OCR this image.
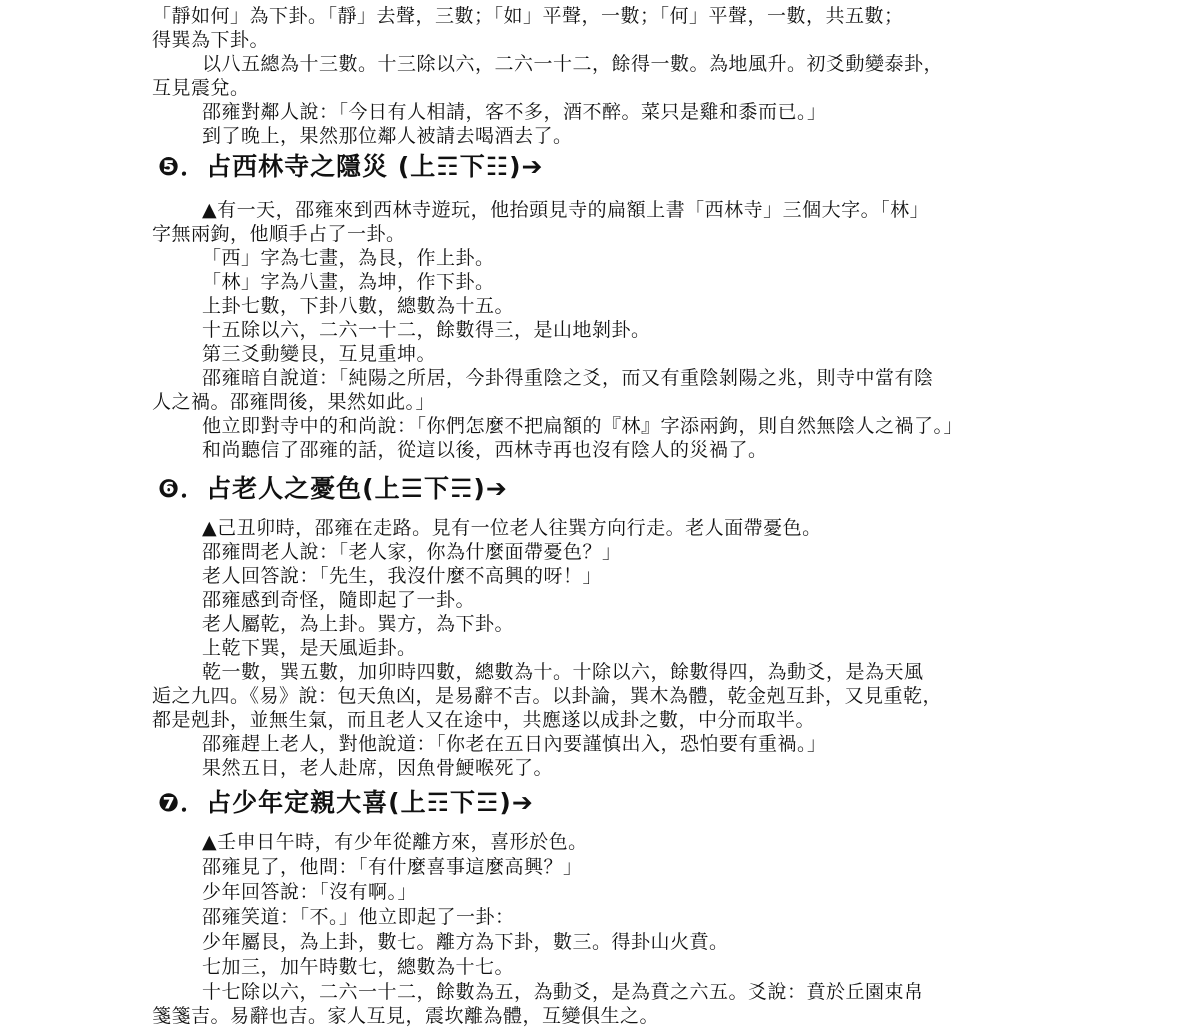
「靜如何」為下卦。「靜」去聲，三數；「如」平聲，一數；「何」平聲，一數，共五數；
得巽為下卦。
以八五總為十三數。十三除以六，二六一十二，餘得一數。為地風升。初爻動變泰卦，
互見震兌。
邵雍對鄰人說：「今日有人相請，客不多，酒不醉。菜只是雞和黍而已。」
到了晚上，果然那位鄰人被請去喝酒去了。
❺．占西林寺之隱災 (上☶下☷)➔
▲有一天，邵雍來到西林寺遊玩，他抬頭見寺的扁額上書「西林寺」三個大字。「林」
字無兩鉤，他順手占了一卦。
「西」字為七畫，為艮，作上卦。
「林」字為八畫，為坤，作下卦。
上卦七數，下卦八數，總數為十五。
十五除以六，二六一十二，餘數得三，是山地剝卦。
第三爻動變艮，互見重坤。
邵雍暗自說道：「純陽之所居，今卦得重陰之爻，而又有重陰剝陽之兆，則寺中當有陰
人之禍。邵雍問後，果然如此。」
他立即對寺中的和尚說：「你們怎麼不把扁額的『林』字添兩鉤，則自然無陰人之禍了。」
和尚聽信了邵雍的話，從這以後，西林寺再也沒有陰人的災禍了。
❻．占老人之憂色(上☰下☴)➔
▲己丑卯時，邵雍在走路。見有一位老人往巽方向行走。老人面帶憂色。
邵雍問老人說：「老人家，你為什麼面帶憂色？」
老人回答說：「先生，我沒什麼不高興的呀！」
邵雍感到奇怪，隨即起了一卦。
老人屬乾，為上卦。巽方，為下卦。
上乾下巽，是天風逅卦。
乾一數，巽五數，加卯時四數，總數為十。十除以六，餘數得四，為動爻，是為天風
逅之九四。《易》說：包天魚凶，是易辭不吉。以卦論，巽木為體，乾金剋互卦，又見重乾，
都是剋卦，並無生氣，而且老人又在途中，共應遂以成卦之數，中分而取半。
邵雍趕上老人，對他說道：「你老在五日內要謹慎出入，恐怕要有重禍。」
果然五日，老人赴席，因魚骨鯁喉死了。
❼．占少年定親大喜(上☶下☲)➔
▲壬申日午時，有少年從離方來，喜形於色。
邵雍見了，他問：「有什麼喜事這麼高興？」
少年回答說：「沒有啊。」
邵雍笑道：「不。」他立即起了一卦：
少年屬艮，為上卦，數七。離方為下卦，數三。得卦山火賁。
七加三，加午時數七，總數為十七。
十七除以六，二六一十二，餘數為五，為動爻，是為賁之六五。爻說：賁於丘園束帛
箋箋吉。易辭也吉。家人互見，震坎離為體，互變俱生之。
